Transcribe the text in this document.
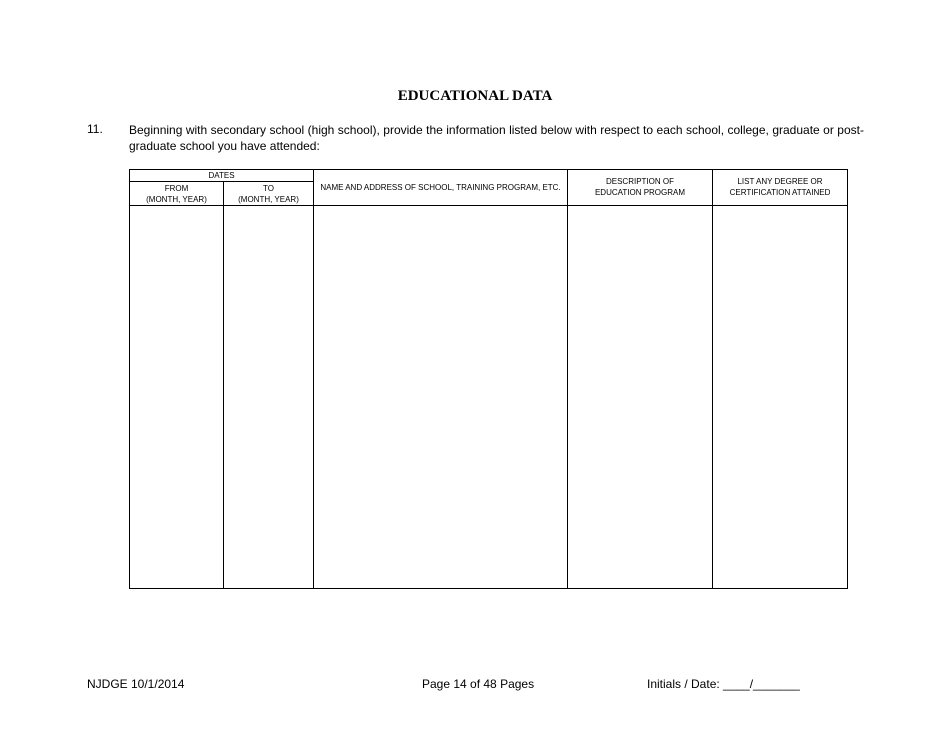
EDUCATIONAL DATA
11. Beginning with secondary school (high school), provide the information listed below with respect to each school, college, graduate or post-graduate school you have attended:
DATES
FROM
(MONTH, YEAR)
TO
(MONTH, YEAR)
NAME AND ADDRESS OF SCHOOL, TRAINING PROGRAM, ETC.
DESCRIPTION OF
EDUCATION PROGRAM
LIST ANY DEGREE OR
CERTIFICATION ATTAINED
NJDGE 10/1/2014	Page 14 of 48 Pages	Initials / Date: ____/_______
